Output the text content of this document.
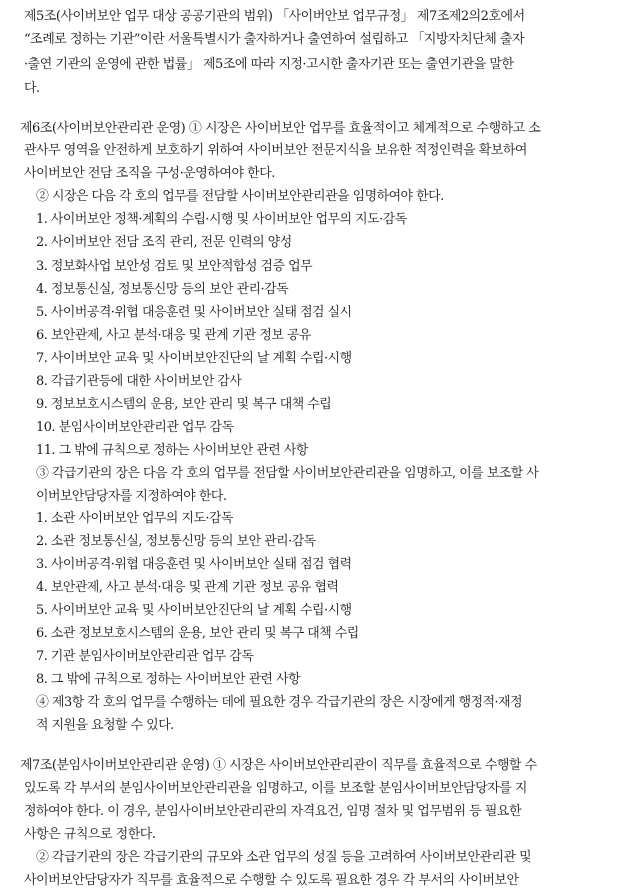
제5조(사이버보안 업무 대상 공공기관의 범위) 「사이버안보 업무규정」 제7조제2의2호에서
“조례로 정하는 기관”이란 서울특별시가 출자하거나 출연하여 설립하고 「지방자치단체 출자
·출연 기관의 운영에 관한 법률」 제5조에 따라 지정·고시한 출자기관 또는 출연기관을 말한
다.
제6조(사이버보안관리관 운영) ① 시장은 사이버보안 업무를 효율적이고 체계적으로 수행하고 소
관사무 영역을 안전하게 보호하기 위하여 사이버보안 전문지식을 보유한 적정인력을 확보하여
사이버보안 전담 조직을 구성·운영하여야 한다.
② 시장은 다음 각 호의 업무를 전담할 사이버보안관리관을 임명하여야 한다.
1. 사이버보안 정책·계획의 수립·시행 및 사이버보안 업무의 지도·감독
2. 사이버보안 전담 조직 관리, 전문 인력의 양성
3. 정보화사업 보안성 검토 및 보안적합성 검증 업무
4. 정보통신실, 정보통신망 등의 보안 관리·감독
5. 사이버공격·위협 대응훈련 및 사이버보안 실태 점검 실시
6. 보안관제, 사고 분석·대응 및 관계 기관 정보 공유
7. 사이버보안 교육 및 사이버보안진단의 날 계획 수립·시행
8. 각급기관등에 대한 사이버보안 감사
9. 정보보호시스템의 운용, 보안 관리 및 복구 대책 수립
10. 분임사이버보안관리관 업무 감독
11. 그 밖에 규칙으로 정하는 사이버보안 관련 사항
③ 각급기관의 장은 다음 각 호의 업무를 전담할 사이버보안관리관을 임명하고, 이를 보조할 사
이버보안담당자를 지정하여야 한다.
1. 소관 사이버보안 업무의 지도·감독
2. 소관 정보통신실, 정보통신망 등의 보안 관리·감독
3. 사이버공격·위협 대응훈련 및 사이버보안 실태 점검 협력
4. 보안관제, 사고 분석·대응 및 관계 기관 정보 공유 협력
5. 사이버보안 교육 및 사이버보안진단의 날 계획 수립·시행
6. 소관 정보보호시스템의 운용, 보안 관리 및 복구 대책 수립
7. 기관 분임사이버보안관리관 업무 감독
8. 그 밖에 규칙으로 정하는 사이버보안 관련 사항
④ 제3항 각 호의 업무를 수행하는 데에 필요한 경우 각급기관의 장은 시장에게 행정적·재정
적 지원을 요청할 수 있다.
제7조(분임사이버보안관리관 운영) ① 시장은 사이버보안관리관이 직무를 효율적으로 수행할 수
있도록 각 부서의 분임사이버보안관리관을 임명하고, 이를 보조할 분임사이버보안담당자를 지
정하여야 한다. 이 경우, 분임사이버보안관리관의 자격요건, 임명 절차 및 업무범위 등 필요한
사항은 규칙으로 정한다.
② 각급기관의 장은 각급기관의 규모와 소관 업무의 성질 등을 고려하여 사이버보안관리관 및
사이버보안담당자가 직무를 효율적으로 수행할 수 있도록 필요한 경우 각 부서의 사이버보안
